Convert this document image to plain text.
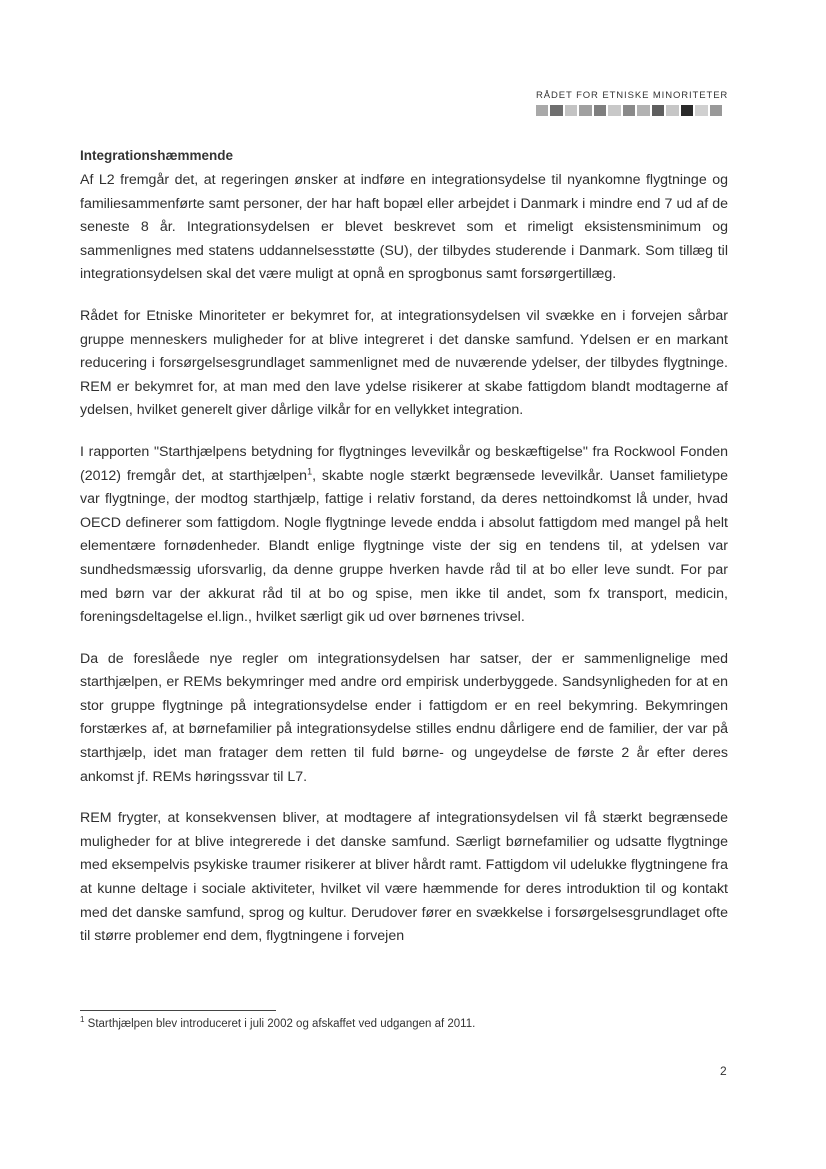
RÅDET FOR ETNISKE MINORITETER
Integrationshæmmende

Af L2 fremgår det, at regeringen ønsker at indføre en integrationsydelse til nyankomne flygtninge og familiesammenførte samt personer, der har haft bopæl eller arbejdet i Danmark i mindre end 7 ud af de seneste 8 år. Integrationsydelsen er blevet beskrevet som et rimeligt eksistensminimum og sammenlignes med statens uddannelsesstøtte (SU), der tilbydes studerende i Danmark. Som tillæg til integrationsydelsen skal det være muligt at opnå en sprogbonus samt forsørgertillæg.

Rådet for Etniske Minoriteter er bekymret for, at integrationsydelsen vil svække en i forvejen sårbar gruppe menneskers muligheder for at blive integreret i det danske samfund. Ydelsen er en markant reducering i forsørgelsesgrundlaget sammenlignet med de nuværende ydelser, der tilbydes flygtninge. REM er bekymret for, at man med den lave ydelse risikerer at skabe fattigdom blandt modtagerne af ydelsen, hvilket generelt giver dårlige vilkår for en vellykket integration.

I rapporten "Starthjælpens betydning for flygtninges levevilkår og beskæftigelse" fra Rockwool Fonden (2012) fremgår det, at starthjælpen$^1$, skabte nogle stærkt begrænsede levevilkår. Uanset familietype var flygtninge, der modtog starthjælp, fattige i relativ forstand, da deres nettoindkomst lå under, hvad OECD definerer som fattigdom. Nogle flygtninge levede endda i absolut fattigdom med mangel på helt elementære fornødenheder. Blandt enlige flygtninge viste der sig en tendens til, at ydelsen var sundhedsmæssig uforsvarlig, da denne gruppe hverken havde råd til at bo eller leve sundt. For par med børn var der akkurat råd til at bo og spise, men ikke til andet, som fx transport, medicin, foreningsdeltagelse el.lign., hvilket særligt gik ud over børnenes trivsel.

Da de foreslåede nye regler om integrationsydelsen har satser, der er sammenlignelige med starthjælpen, er REMs bekymringer med andre ord empirisk underbyggede. Sandsynligheden for at en stor gruppe flygtninge på integrationsydelse ender i fattigdom er en reel bekymring. Bekymringen forstærkes af, at børnefamilier på integrationsydelse stilles endnu dårligere end de familier, der var på starthjælp, idet man fratager dem retten til fuld børne- og ungeydelse de første 2 år efter deres ankomst jf. REMs høringssvar til L7.

REM frygter, at konsekvensen bliver, at modtagere af integrationsydelsen vil få stærkt begrænsede muligheder for at blive integrerede i det danske samfund. Særligt børnefamilier og udsatte flygtninge med eksempelvis psykiske traumer risikerer at bliver hårdt ramt. Fattigdom vil udelukke flygtningene fra at kunne deltage i sociale aktiviteter, hvilket vil være hæmmende for deres introduktion til og kontakt med det danske samfund, sprog og kultur. Derudover fører en svækkelse i forsørgelsesgrundlaget ofte til større problemer end dem, flygtningene i forvejen

$^1$ Starthjælpen blev introduceret i juli 2002 og afskaffet ved udgangen af 2011.
2
